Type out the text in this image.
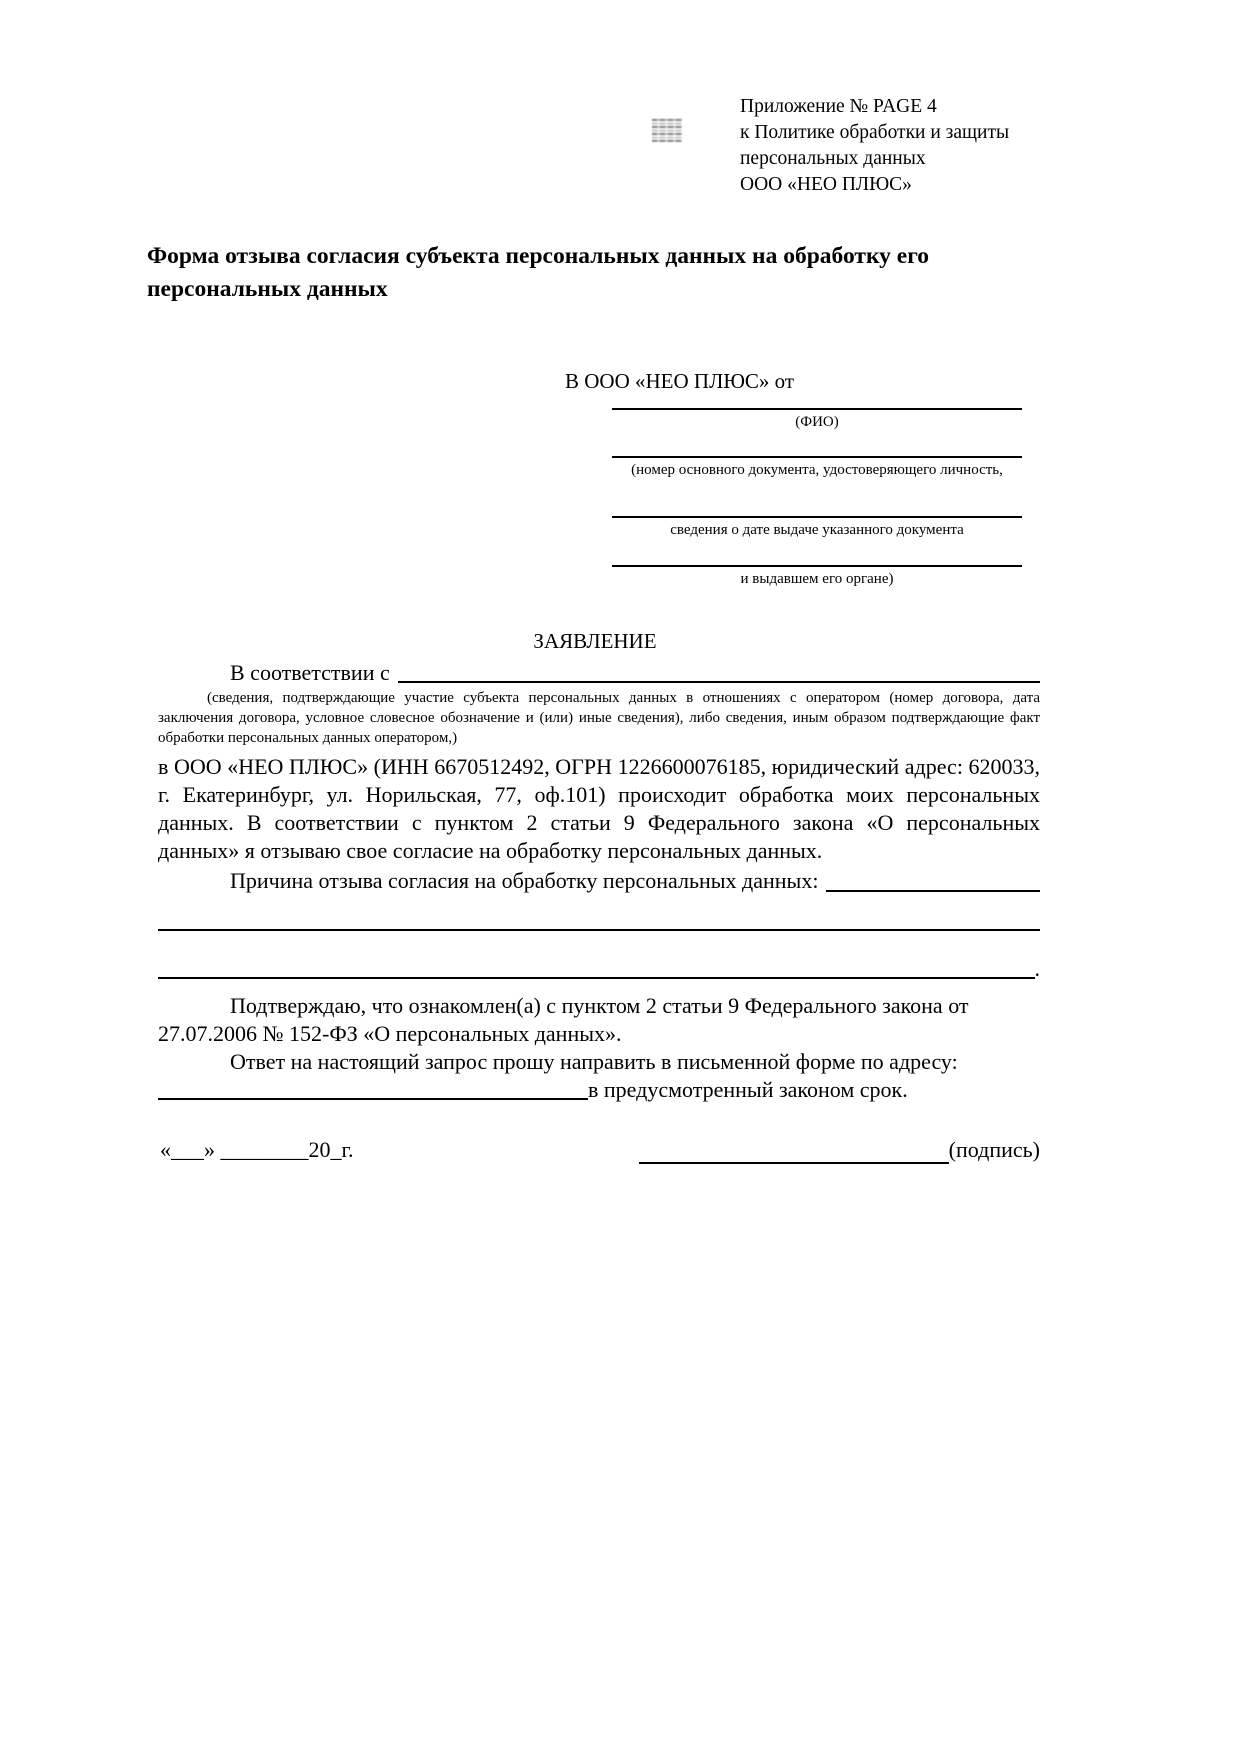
Приложение № PAGE 4
к Политике обработки и защиты
персональных данных
ООО «НЕО ПЛЮС»
Форма отзыва согласия субъекта персональных данных на обработку его персональных данных
В ООО «НЕО ПЛЮС» от
(ФИО)
(номер основного документа, удостоверяющего личность,
сведения о дате выдаче указанного документа
и выдавшем его органе)
ЗАЯВЛЕНИЕ
В соответствии с
(сведения, подтверждающие участие субъекта персональных данных в отношениях с оператором (номер договора, дата заключения договора, условное словесное обозначение и (или) иные сведения), либо сведения, иным образом подтверждающие факт обработки персональных данных оператором,)
в ООО «НЕО ПЛЮС» (ИНН 6670512492, ОГРН 1226600076185, юридический адрес: 620033, г. Екатеринбург, ул. Норильская, 77, оф.101) происходит обработка моих персональных данных. В соответствии с пунктом 2 статьи 9 Федерального закона «О персональных данных» я отзываю свое согласие на обработку персональных данных.
Причина отзыва согласия на обработку персональных данных:
.
Подтверждаю, что ознакомлен(а) с пунктом 2 статьи 9 Федерального закона от 27.07.2006 № 152-ФЗ «О персональных данных».
Ответ на настоящий запрос прошу направить в письменной форме по адресу:
в предусмотренный законом срок.
«___» ________20_г.	(подпись)
